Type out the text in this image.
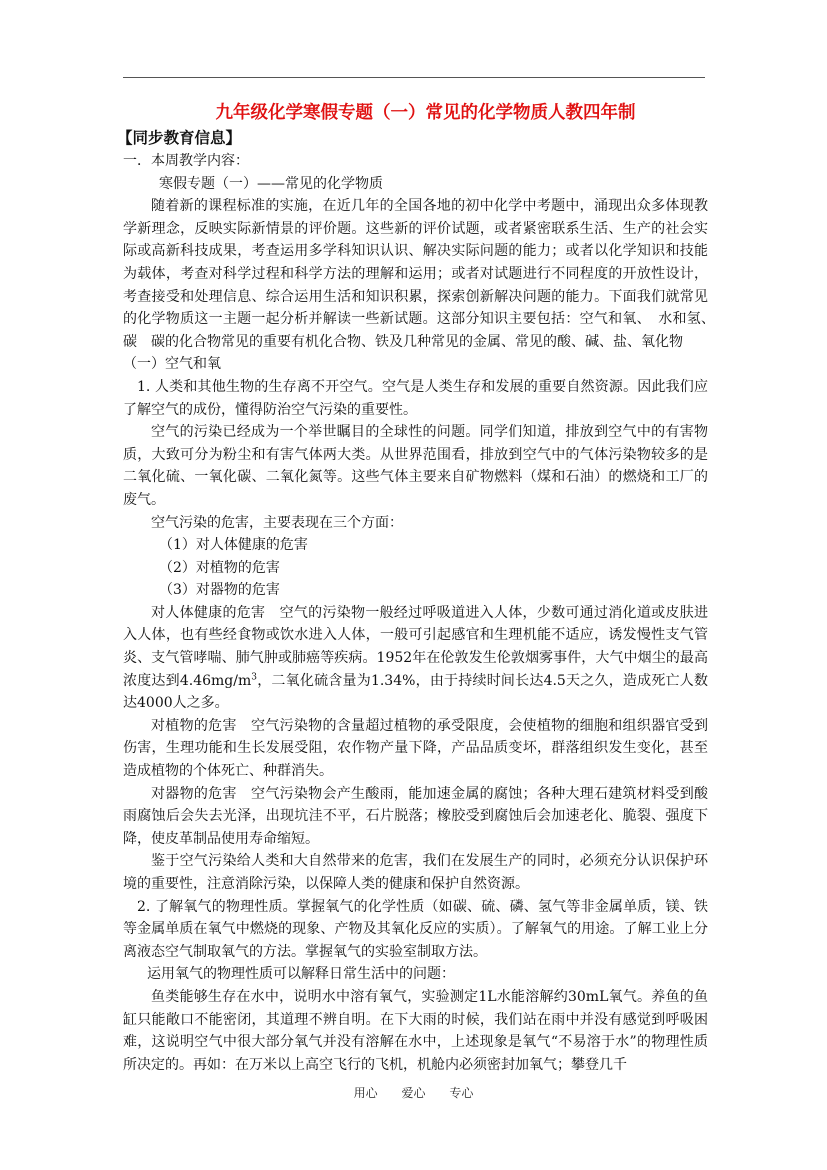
九年级化学寒假专题（一）常见的化学物质人教四年制

【同步教育信息】

一．本周教学内容：

寒假专题（一）——常见的化学物质

随着新的课程标准的实施，在近几年的全国各地的初中化学中考题中，涌现出众多体现教学新理念，反映实际新情景的评价题。这些新的评价试题，或者紧密联系生活、生产的社会实际或高新科技成果，考查运用多学科知识认识、解决实际问题的能力；或者以化学知识和技能为载体，考查对科学过程和科学方法的理解和运用；或者对试题进行不同程度的开放性设计，考查接受和处理信息、综合运用生活和知识积累，探索创新解决问题的能力。下面我们就常见的化学物质这一主题一起分析并解读一些新试题。这部分知识主要包括：空气和氧、　水和氢、　碳　碳的化合物常见的重要有机化合物、铁及几种常见的金属、常见的酸、碱、盐、氧化物

（一）空气和氧

1. 人类和其他生物的生存离不开空气。空气是人类生存和发展的重要自然资源。因此我们应了解空气的成份，懂得防治空气污染的重要性。

空气的污染已经成为一个举世瞩目的全球性的问题。同学们知道，排放到空气中的有害物质，大致可分为粉尘和有害气体两大类。从世界范围看，排放到空气中的气体污染物较多的是二氧化硫、一氧化碳、二氧化氮等。这些气体主要来自矿物燃料（煤和石油）的燃烧和工厂的废气。

空气污染的危害，主要表现在三个方面：

（1）对人体健康的危害

（2）对植物的危害

（3）对器物的危害

对人体健康的危害　空气的污染物一般经过呼吸道进入人体，少数可通过消化道或皮肤进入人体，也有些经食物或饮水进入人体，一般可引起感官和生理机能不适应，诱发慢性支气管炎、支气管哮喘、肺气肿或肺癌等疾病。1952年在伦敦发生伦敦烟雾事件，大气中烟尘的最高浓度达到$4.46mg/m^3$，二氧化硫含量为1.34%，由于持续时间长达4.5天之久，造成死亡人数达4000人之多。

对植物的危害　空气污染物的含量超过植物的承受限度，会使植物的细胞和组织器官受到伤害，生理功能和生长发展受阻，农作物产量下降，产品品质变坏，群落组织发生变化，甚至造成植物的个体死亡、种群消失。

对器物的危害　空气污染物会产生酸雨，能加速金属的腐蚀；各种大理石建筑材料受到酸雨腐蚀后会失去光泽，出现坑洼不平，石片脱落；橡胶受到腐蚀后会加速老化、脆裂、强度下降，使皮革制品使用寿命缩短。

鉴于空气污染给人类和大自然带来的危害，我们在发展生产的同时，必须充分认识保护环境的重要性，注意消除污染，以保障人类的健康和保护自然资源。

2. 了解氧气的物理性质。掌握氧气的化学性质（如碳、硫、磷、氢气等非金属单质，镁、铁等金属单质在氧气中燃烧的现象、产物及其氧化反应的实质）。了解氧气的用途。了解工业上分离液态空气制取氧气的方法。掌握氧气的实验室制取方法。

运用氧气的物理性质可以解释日常生活中的问题：

鱼类能够生存在水中，说明水中溶有氧气，实验测定1L水能溶解约30mL氧气。养鱼的鱼缸只能敞口不能密闭，其道理不辨自明。在下大雨的时候，我们站在雨中并没有感觉到呼吸困难，这说明空气中很大部分氧气并没有溶解在水中，上述现象是氧气“不易溶于水”的物理性质所决定的。再如：在万米以上高空飞行的飞机，机舱内必须密封加氧气；攀登几千

用心 爱心 专心
